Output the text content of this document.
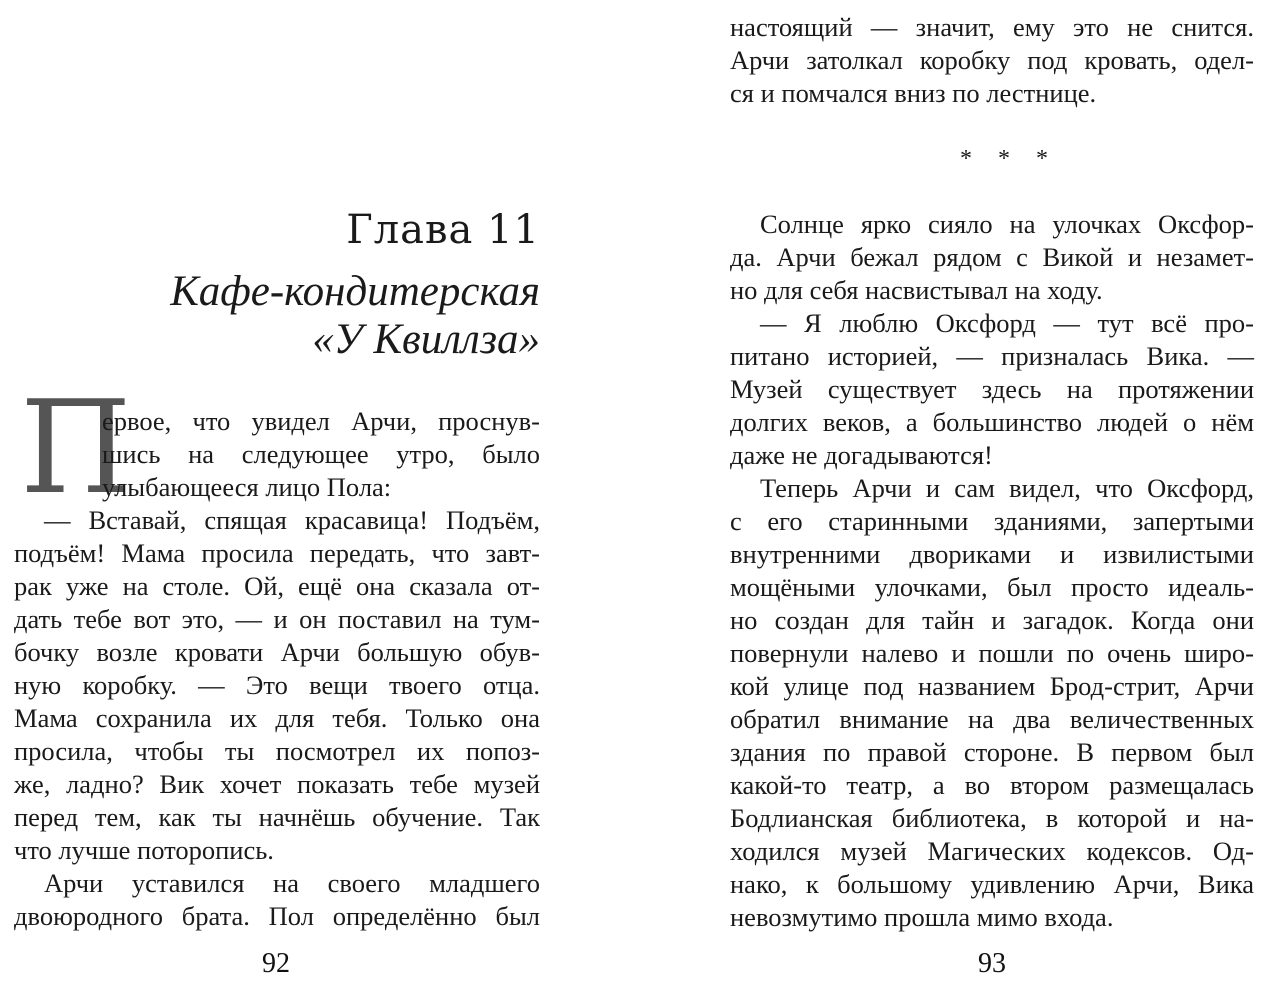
Глава 11
Кафе-кондитерская
«У Квиллза»
П
ервое, что увидел Арчи, проснув-
шись на следующее утро, было
улыбающееся лицо Пола:
— Вставай, спящая красавица! Подъём,
подъём! Мама просила передать, что завт-
рак уже на столе. Ой, ещё она сказала от-
дать тебе вот это, — и он поставил на тум-
бочку возле кровати Арчи большую обув-
ную коробку. — Это вещи твоего отца.
Мама сохранила их для тебя. Только она
просила, чтобы ты посмотрел их попоз-
же, ладно? Вик хочет показать тебе музей
перед тем, как ты начнёшь обучение. Так
что лучше поторопись.
Арчи уставился на своего младшего
двоюродного брата. Пол определённо был
92
настоящий — значит, ему это не снится.
Арчи затолкал коробку под кровать, одел-
ся и помчался вниз по лестнице.
* * *
Солнце ярко сияло на улочках Оксфор-
да. Арчи бежал рядом с Викой и незамет-
но для себя насвистывал на ходу.
— Я люблю Оксфорд — тут всё про-
питано историей, — призналась Вика. —
Музей существует здесь на протяжении
долгих веков, а большинство людей о нём
даже не догадываются!
Теперь Арчи и сам видел, что Оксфорд,
с его старинными зданиями, запертыми
внутренними двориками и извилистыми
мощёными улочками, был просто идеаль-
но создан для тайн и загадок. Когда они
повернули налево и пошли по очень широ-
кой улице под названием Брод-стрит, Арчи
обратил внимание на два величественных
здания по правой стороне. В первом был
какой-то театр, а во втором размещалась
Бодлианская библиотека, в которой и на-
ходился музей Магических кодексов. Од-
нако, к большому удивлению Арчи, Вика
невозмутимо прошла мимо входа.
93
